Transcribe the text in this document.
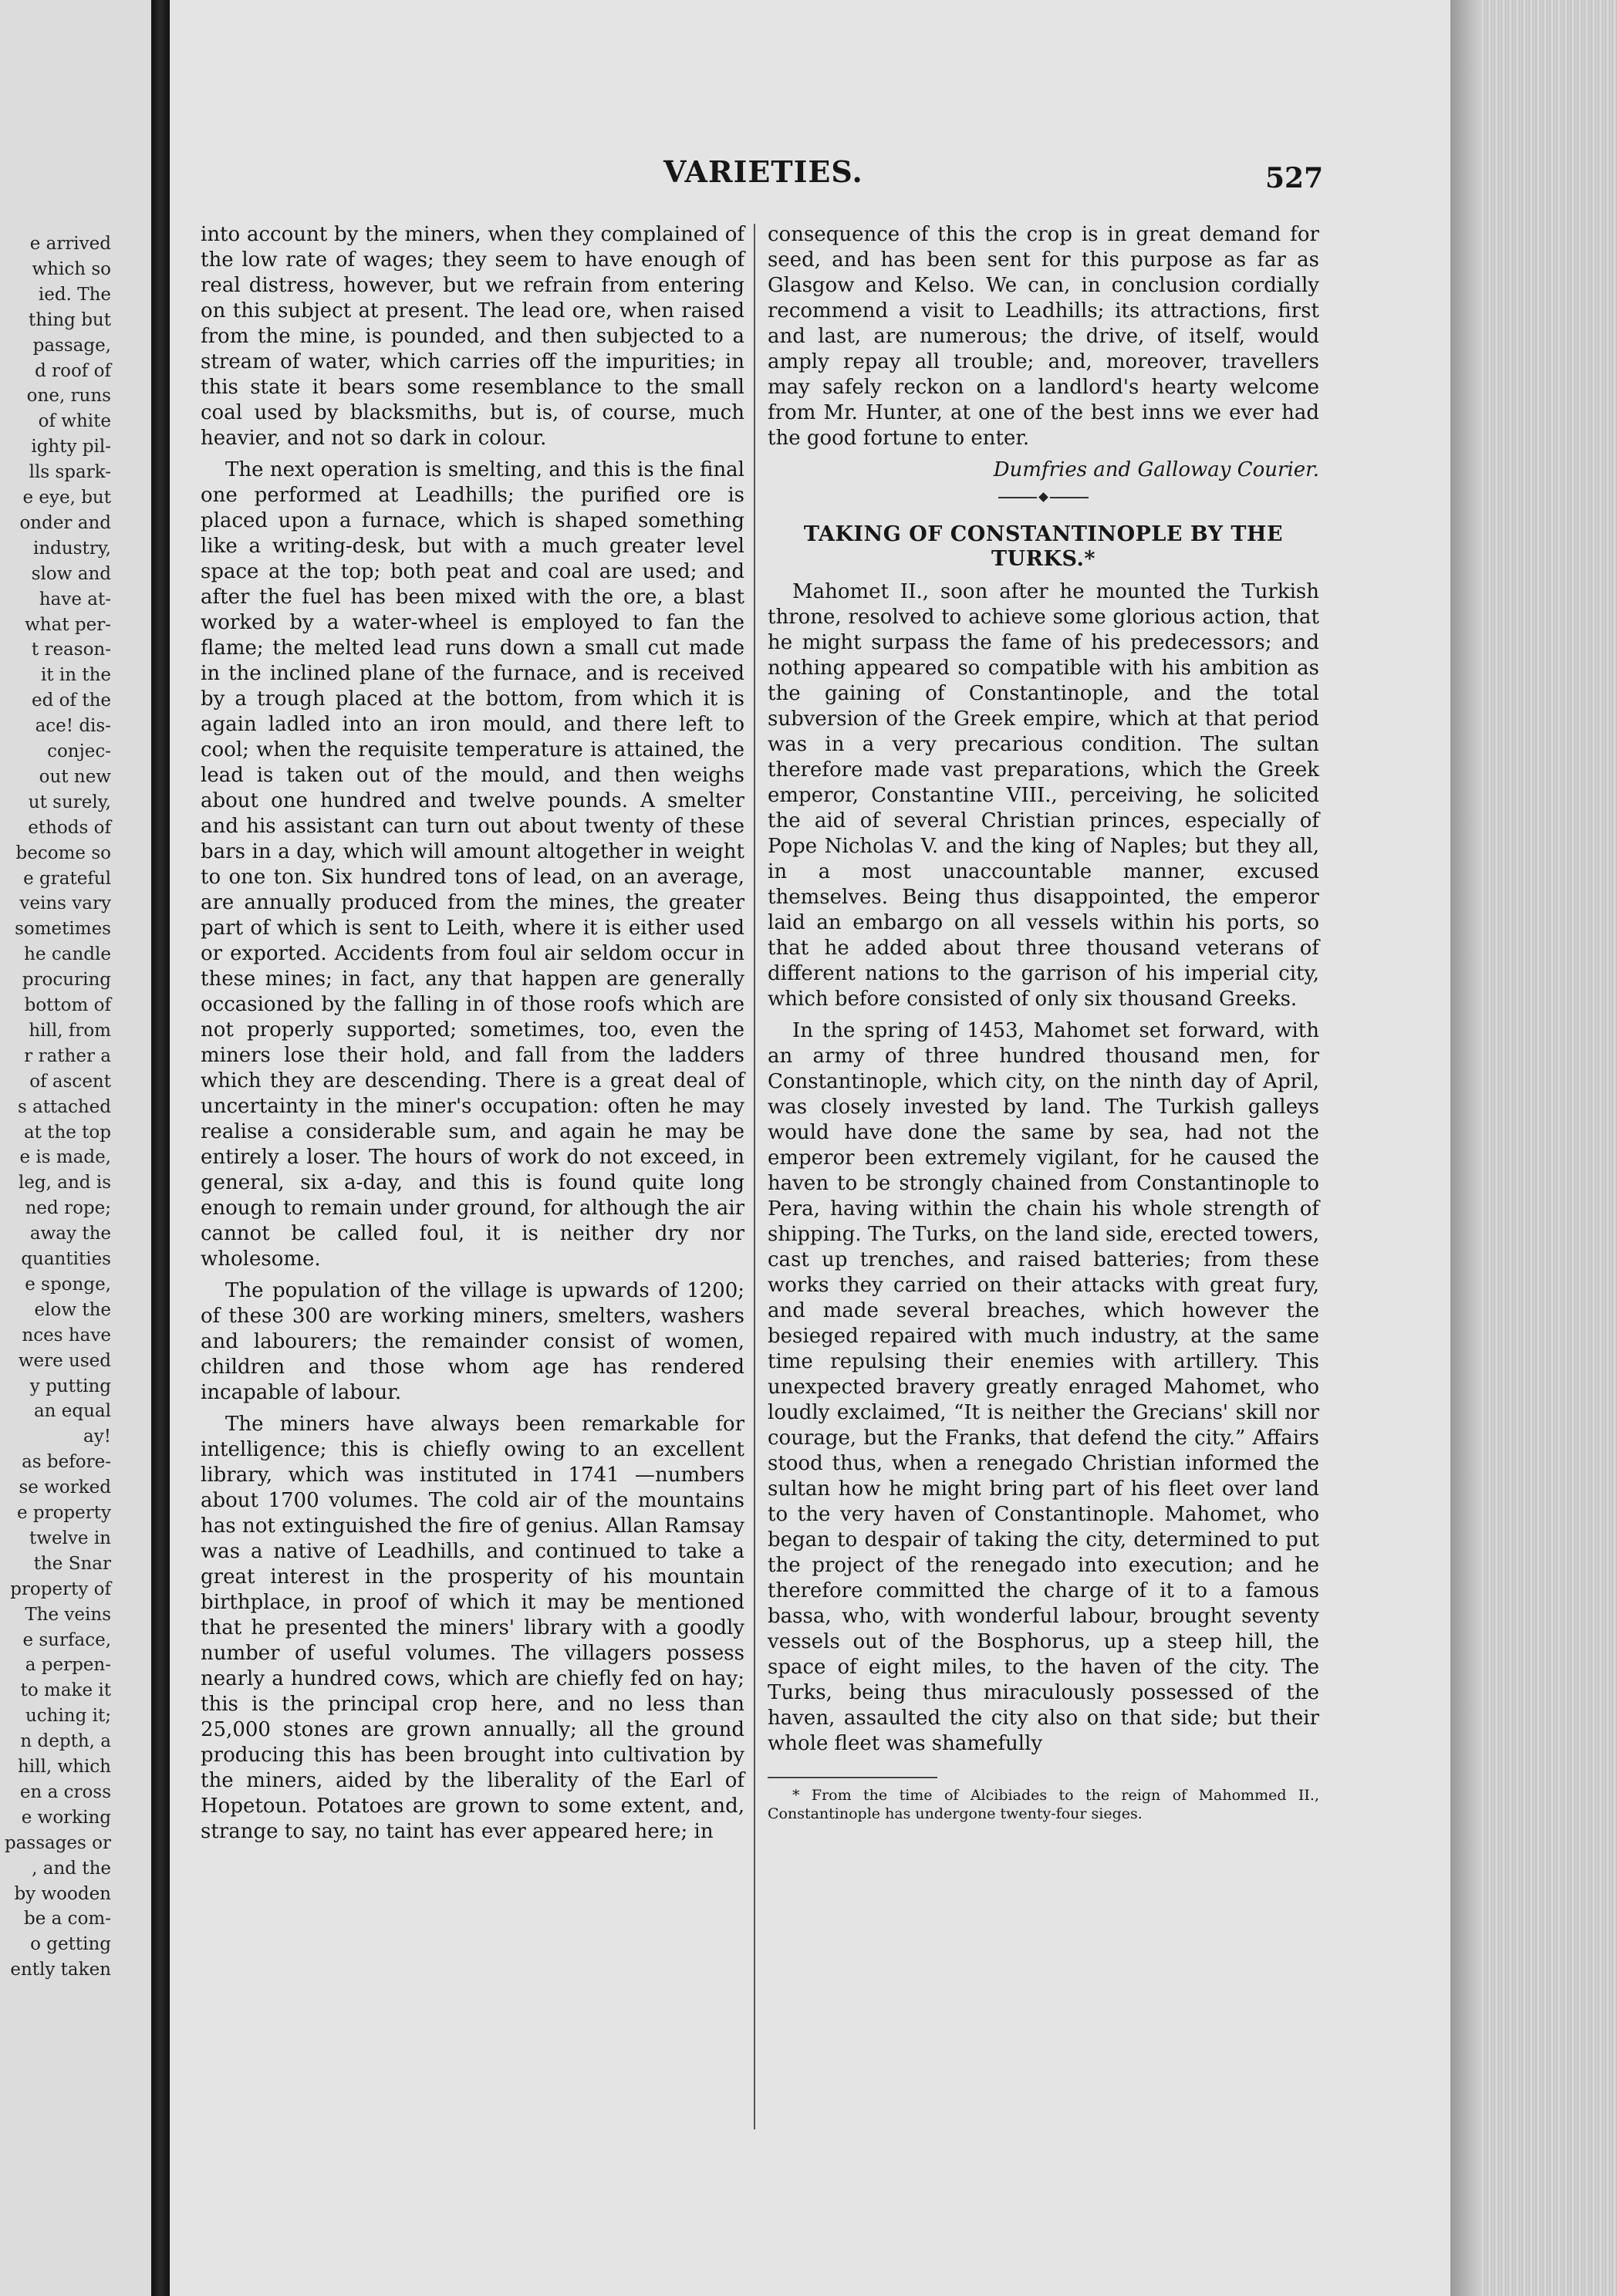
e arrived
which so
ied. The
thing but
passage,
d roof of
one, runs
of white
ighty pil-
lls spark-
e eye, but
onder and
industry,
slow and
have at-
what per-
t reason-
it in the
ed of the
ace! dis-
conjec-
out new
ut surely,
ethods of
become so
e grateful
veins vary
sometimes
he candle
procuring
bottom of
hill, from
r rather a
of ascent
s attached
at the top
e is made,
leg, and is
ned rope;
away the
quantities
e sponge,
elow the
nces have
were used
y putting
an equal
ay!
as before-
se worked
e property
twelve in
the Snar
property of
The veins
e surface,
a perpen-
to make it
uching it;
n depth, a
hill, which
en a cross
e working
passages or
, and the
by wooden
be a com-
o getting
ently taken
VARIETIES.	527

into account by the miners, when they complained of the low rate of wages; they seem to have enough of real distress, however, but we refrain from entering on this subject at present. The lead ore, when raised from the mine, is pounded, and then subjected to a stream of water, which carries off the impurities; in this state it bears some resemblance to the small coal used by blacksmiths, but is, of course, much heavier, and not so dark in colour.

The next operation is smelting, and this is the final one performed at Leadhills; the purified ore is placed upon a furnace, which is shaped something like a writing-desk, but with a much greater level space at the top; both peat and coal are used; and after the fuel has been mixed with the ore, a blast worked by a water-wheel is employed to fan the flame; the melted lead runs down a small cut made in the inclined plane of the furnace, and is received by a trough placed at the bottom, from which it is again ladled into an iron mould, and there left to cool; when the requisite temperature is attained, the lead is taken out of the mould, and then weighs about one hundred and twelve pounds. A smelter and his assistant can turn out about twenty of these bars in a day, which will amount altogether in weight to one ton. Six hundred tons of lead, on an average, are annually produced from the mines, the greater part of which is sent to Leith, where it is either used or exported. Accidents from foul air seldom occur in these mines; in fact, any that happen are generally occasioned by the falling in of those roofs which are not properly supported; sometimes, too, even the miners lose their hold, and fall from the ladders which they are descending. There is a great deal of uncertainty in the miner's occupation: often he may realise a considerable sum, and again he may be entirely a loser. The hours of work do not exceed, in general, six a-day, and this is found quite long enough to remain under ground, for although the air cannot be called foul, it is neither dry nor wholesome.

The population of the village is upwards of 1200; of these 300 are working miners, smelters, washers and labourers; the remainder consist of women, children and those whom age has rendered incapable of labour.

The miners have always been remarkable for intelligence; this is chiefly owing to an excellent library, which was instituted in 1741 —numbers about 1700 volumes. The cold air of the mountains has not extinguished the fire of genius. Allan Ramsay was a native of Leadhills, and continued to take a great interest in the prosperity of his mountain birthplace, in proof of which it may be mentioned that he presented the miners' library with a goodly number of useful volumes. The villagers possess nearly a hundred cows, which are chiefly fed on hay; this is the principal crop here, and no less than 25,000 stones are grown annually; all the ground producing this has been brought into cultivation by the miners, aided by the liberality of the Earl of Hopetoun. Potatoes are grown to some extent, and, strange to say, no taint has ever appeared here; in

consequence of this the crop is in great demand for seed, and has been sent for this purpose as far as Glasgow and Kelso. We can, in conclusion cordially recommend a visit to Leadhills; its attractions, first and last, are numerous; the drive, of itself, would amply repay all trouble; and, moreover, travellers may safely reckon on a landlord's hearty welcome from Mr. Hunter, at one of the best inns we ever had the good fortune to enter.

Dumfries and Galloway Courier.

TAKING OF CONSTANTINOPLE BY THE TURKS.*

Mahomet II., soon after he mounted the Turkish throne, resolved to achieve some glorious action, that he might surpass the fame of his predecessors; and nothing appeared so compatible with his ambition as the gaining of Constantinople, and the total subversion of the Greek empire, which at that period was in a very precarious condition. The sultan therefore made vast preparations, which the Greek emperor, Constantine VIII., perceiving, he solicited the aid of several Christian princes, especially of Pope Nicholas V. and the king of Naples; but they all, in a most unaccountable manner, excused themselves. Being thus disappointed, the emperor laid an embargo on all vessels within his ports, so that he added about three thousand veterans of different nations to the garrison of his imperial city, which before consisted of only six thousand Greeks.

In the spring of 1453, Mahomet set forward, with an army of three hundred thousand men, for Constantinople, which city, on the ninth day of April, was closely invested by land. The Turkish galleys would have done the same by sea, had not the emperor been extremely vigilant, for he caused the haven to be strongly chained from Constantinople to Pera, having within the chain his whole strength of shipping. The Turks, on the land side, erected towers, cast up trenches, and raised batteries; from these works they carried on their attacks with great fury, and made several breaches, which however the besieged repaired with much industry, at the same time repulsing their enemies with artillery. This unexpected bravery greatly enraged Mahomet, who loudly exclaimed, “It is neither the Grecians' skill nor courage, but the Franks, that defend the city.” Affairs stood thus, when a renegado Christian informed the sultan how he might bring part of his fleet over land to the very haven of Constantinople. Mahomet, who began to despair of taking the city, determined to put the project of the renegado into execution; and he therefore committed the charge of it to a famous bassa, who, with wonderful labour, brought seventy vessels out of the Bosphorus, up a steep hill, the space of eight miles, to the haven of the city. The Turks, being thus miraculously possessed of the haven, assaulted the city also on that side; but their whole fleet was shamefully

* From the time of Alcibiades to the reign of Mahommed II., Constantinople has undergone twenty-four sieges.
